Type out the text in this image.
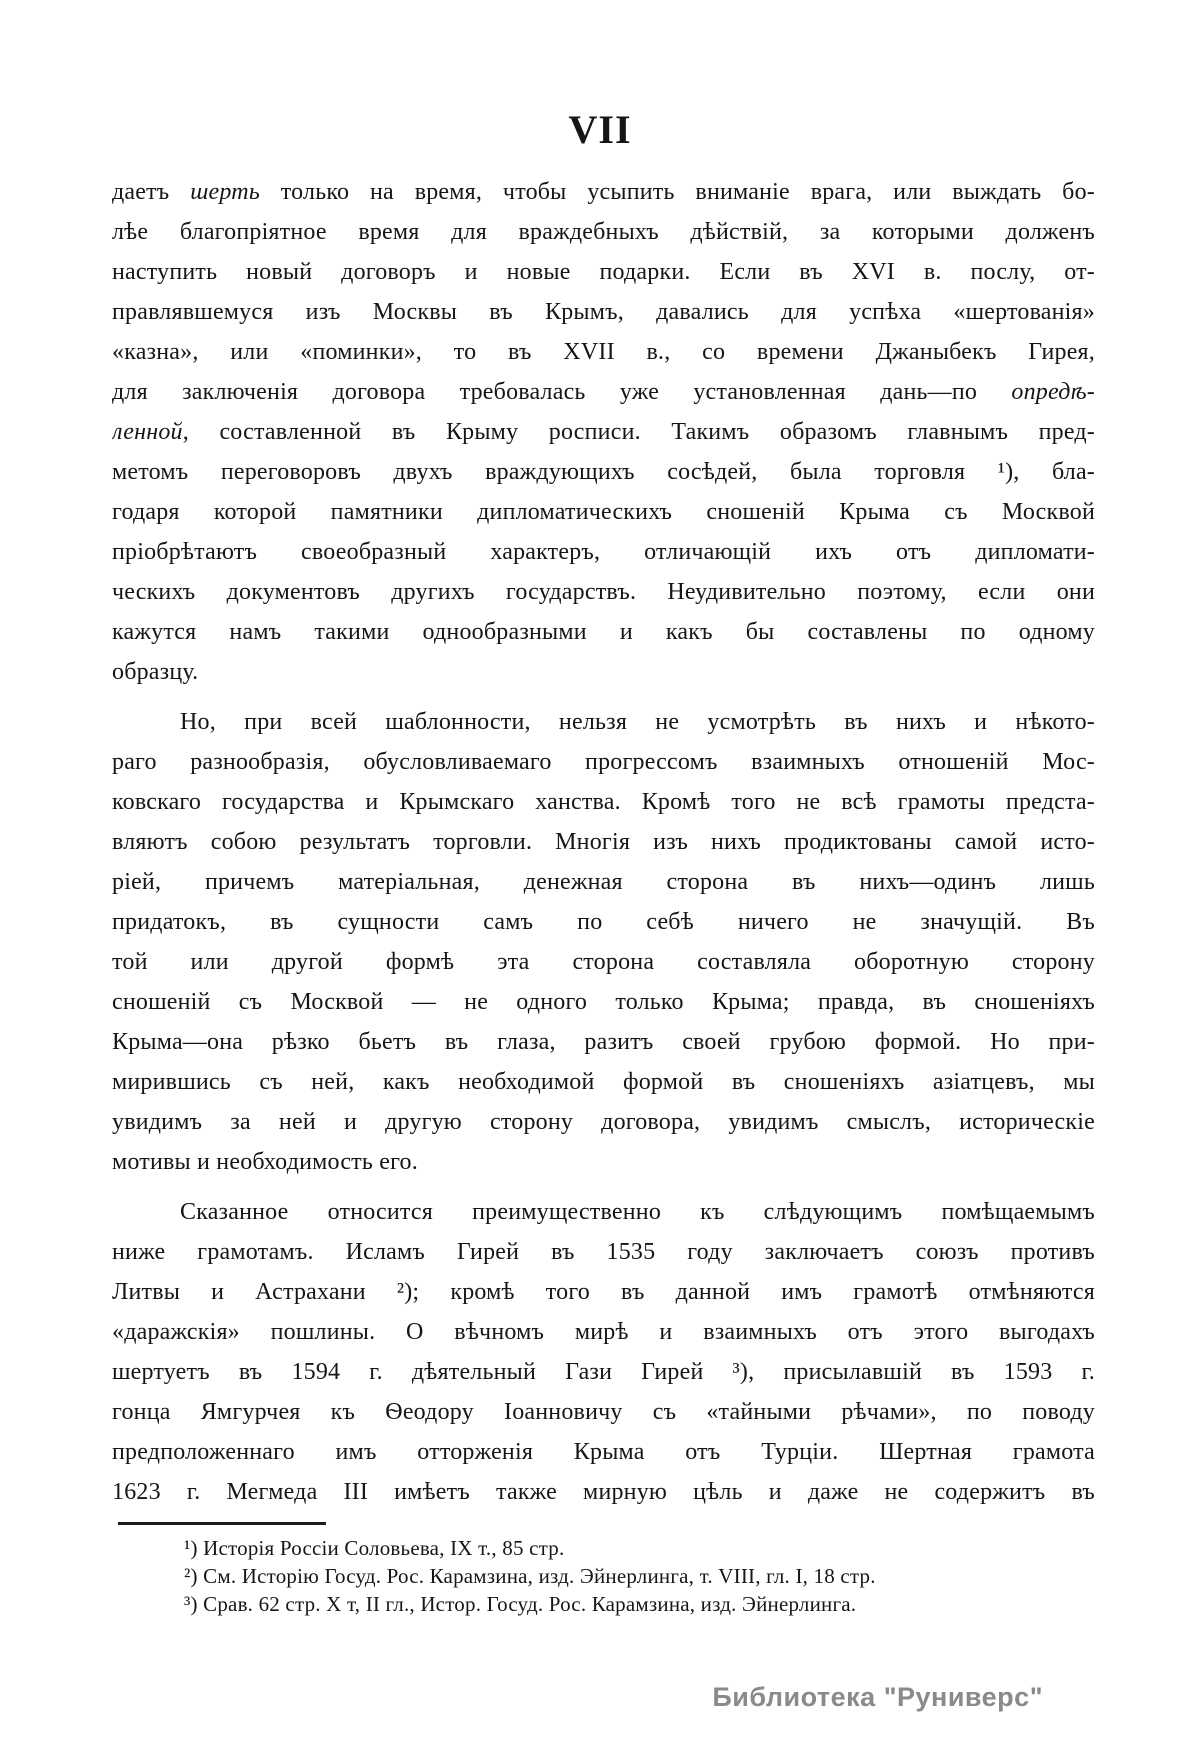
VII
даетъ шерть только на время, чтобы усыпить вниманіе врага, или выждать бо-
лѣе благопріятное время для враждебныхъ дѣйствій, за которыми долженъ
наступить новый договоръ и новые подарки. Если въ XVI в. послу, от-
правлявшемуся изъ Москвы въ Крымъ, давались для успѣха «шертованія»
«казна», или «поминки», то въ XVII в., со времени Джаныбекъ Гирея,
для заключенія договора требовалась уже установленная дань—по опредѣ-
ленной, составленной въ Крыму росписи. Такимъ образомъ главнымъ пред-
метомъ переговоровъ двухъ враждующихъ сосѣдей, была торговля ¹), бла-
годаря которой памятники дипломатическихъ сношеній Крыма съ Москвой
пріобрѣтаютъ своеобразный характеръ, отличающій ихъ отъ дипломати-
ческихъ документовъ другихъ государствъ. Неудивительно поэтому, если они
кажутся намъ такими однообразными и какъ бы составлены по одному
образцу.
Но, при всей шаблонности, нельзя не усмотрѣть въ нихъ и нѣкото-
раго разнообразія, обусловливаемаго прогрессомъ взаимныхъ отношеній Мос-
ковскаго государства и Крымскаго ханства. Кромѣ того не всѣ грамоты предста-
вляютъ собою результатъ торговли. Многія изъ нихъ продиктованы самой исто-
ріей, причемъ матеріальная, денежная сторона въ нихъ—одинъ лишь
придатокъ, въ сущности самъ по себѣ ничего не значущій. Въ
той или другой формѣ эта сторона составляла оборотную сторону
сношеній съ Москвой — не одного только Крыма; правда, въ сношеніяхъ
Крыма—она рѣзко бьетъ въ глаза, разитъ своей грубою формой. Но при-
мирившись съ ней, какъ необходимой формой въ сношеніяхъ азіатцевъ, мы
увидимъ за ней и другую сторону договора, увидимъ смыслъ, историческіе
мотивы и необходимость его.
Сказанное относится преимущественно къ слѣдующимъ помѣщаемымъ
ниже грамотамъ. Исламъ Гирей въ 1535 году заключаетъ союзъ противъ
Литвы и Астрахани ²); кромѣ того въ данной имъ грамотѣ отмѣняются
«даражскія» пошлины. О вѣчномъ мирѣ и взаимныхъ отъ этого выгодахъ
шертуетъ въ 1594 г. дѣятельный Гази Гирей ³), присылавшій въ 1593 г.
гонца Ямгурчея къ Ѳеодору Іоанновичу съ «тайными рѣчами», по поводу
предположеннаго имъ отторженія Крыма отъ Турціи. Шертная грамота
1623 г. Мегмеда III имѣетъ также мирную цѣль и даже не содержитъ въ
¹) Исторія Россіи Соловьева, IX т., 85 стр.
²) См. Исторію Госуд. Рос. Карамзина, изд. Эйнерлинга, т. VIII, гл. I, 18 стр.
³) Срав. 62 стр. X т, II гл., Истор. Госуд. Рос. Карамзина, изд. Эйнерлинга.
Библиотека "Руниверс"
